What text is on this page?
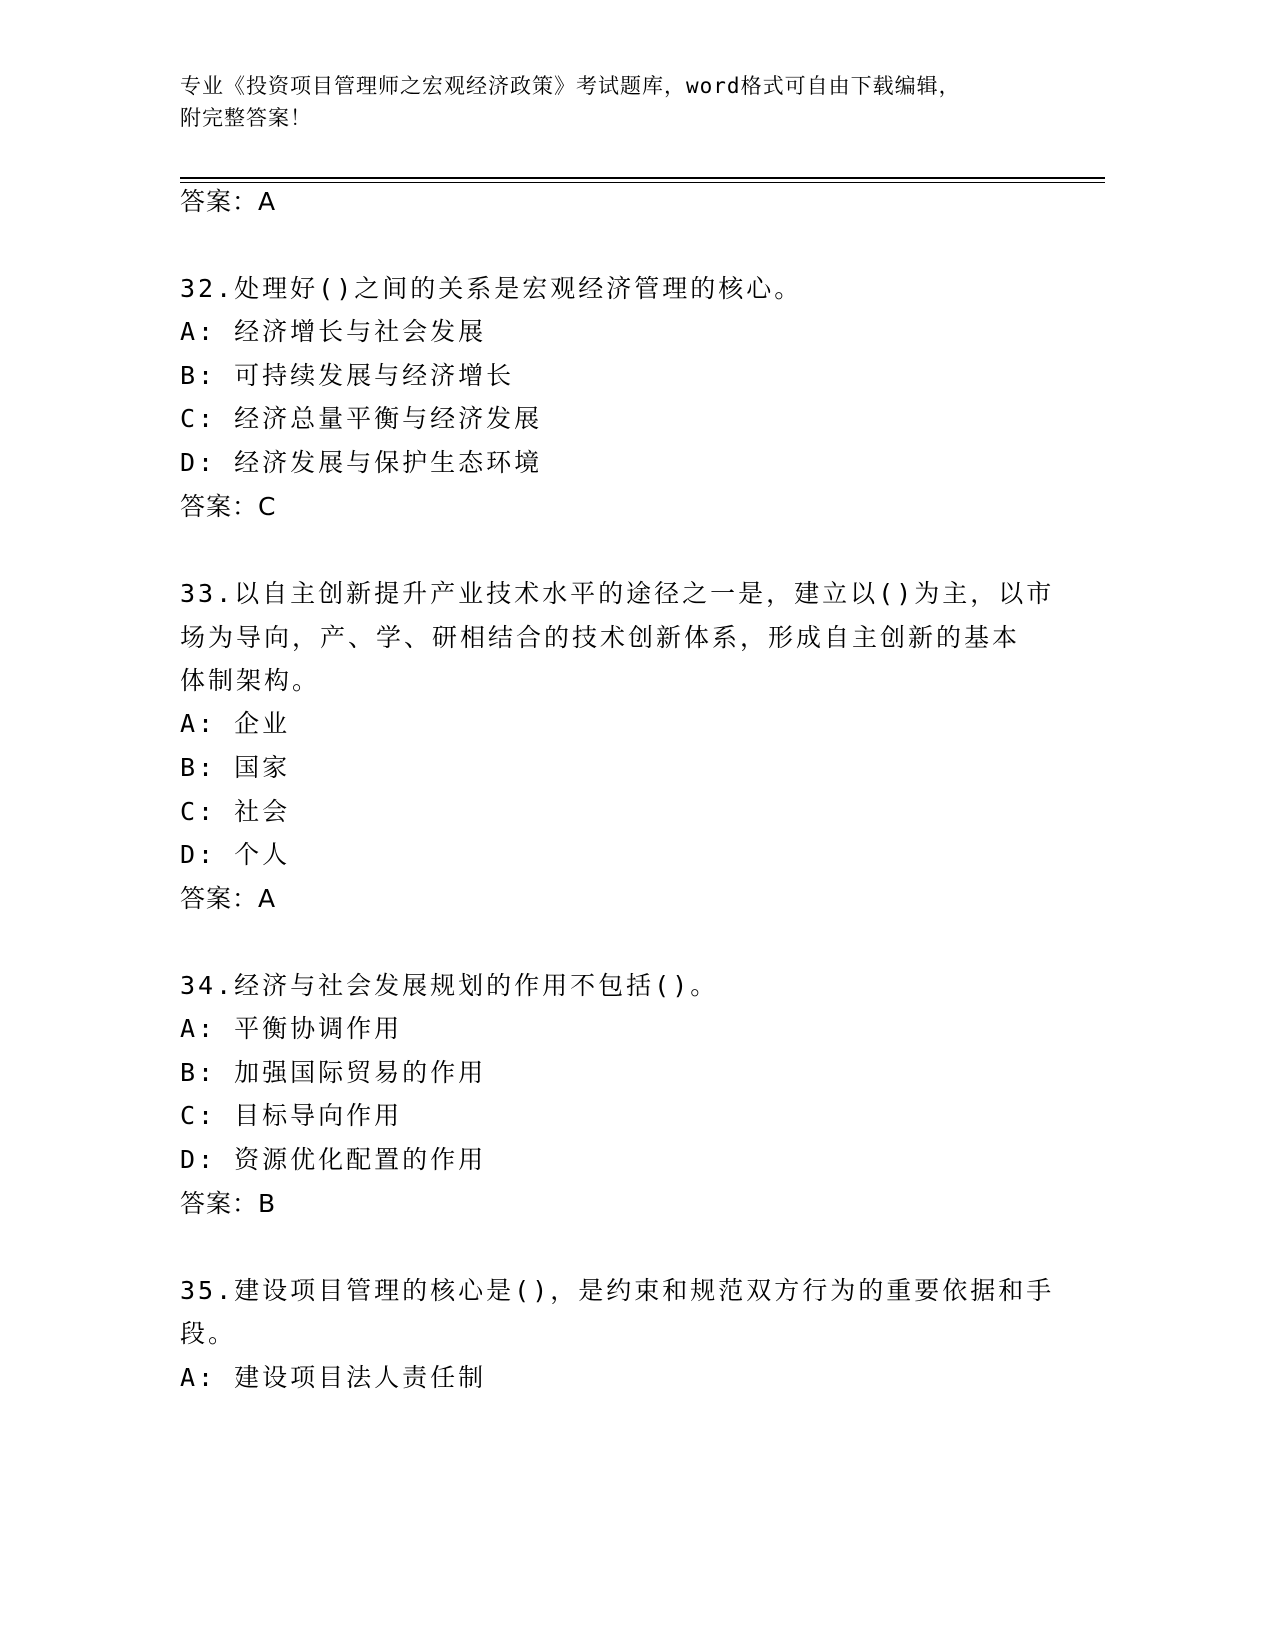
专业《投资项目管理师之宏观经济政策》考试题库，word格式可自由下载编辑，
附完整答案！
答案：A
32.处理好()之间的关系是宏观经济管理的核心。
A: 经济增长与社会发展
B: 可持续发展与经济增长
C: 经济总量平衡与经济发展
D: 经济发展与保护生态环境
答案：C
33.以自主创新提升产业技术水平的途径之一是，建立以()为主，以市
场为导向，产、学、研相结合的技术创新体系，形成自主创新的基本
体制架构。
A: 企业
B: 国家
C: 社会
D: 个人
答案：A
34.经济与社会发展规划的作用不包括()。
A: 平衡协调作用
B: 加强国际贸易的作用
C: 目标导向作用
D: 资源优化配置的作用
答案：B
35.建设项目管理的核心是()，是约束和规范双方行为的重要依据和手
段。
A: 建设项目法人责任制
